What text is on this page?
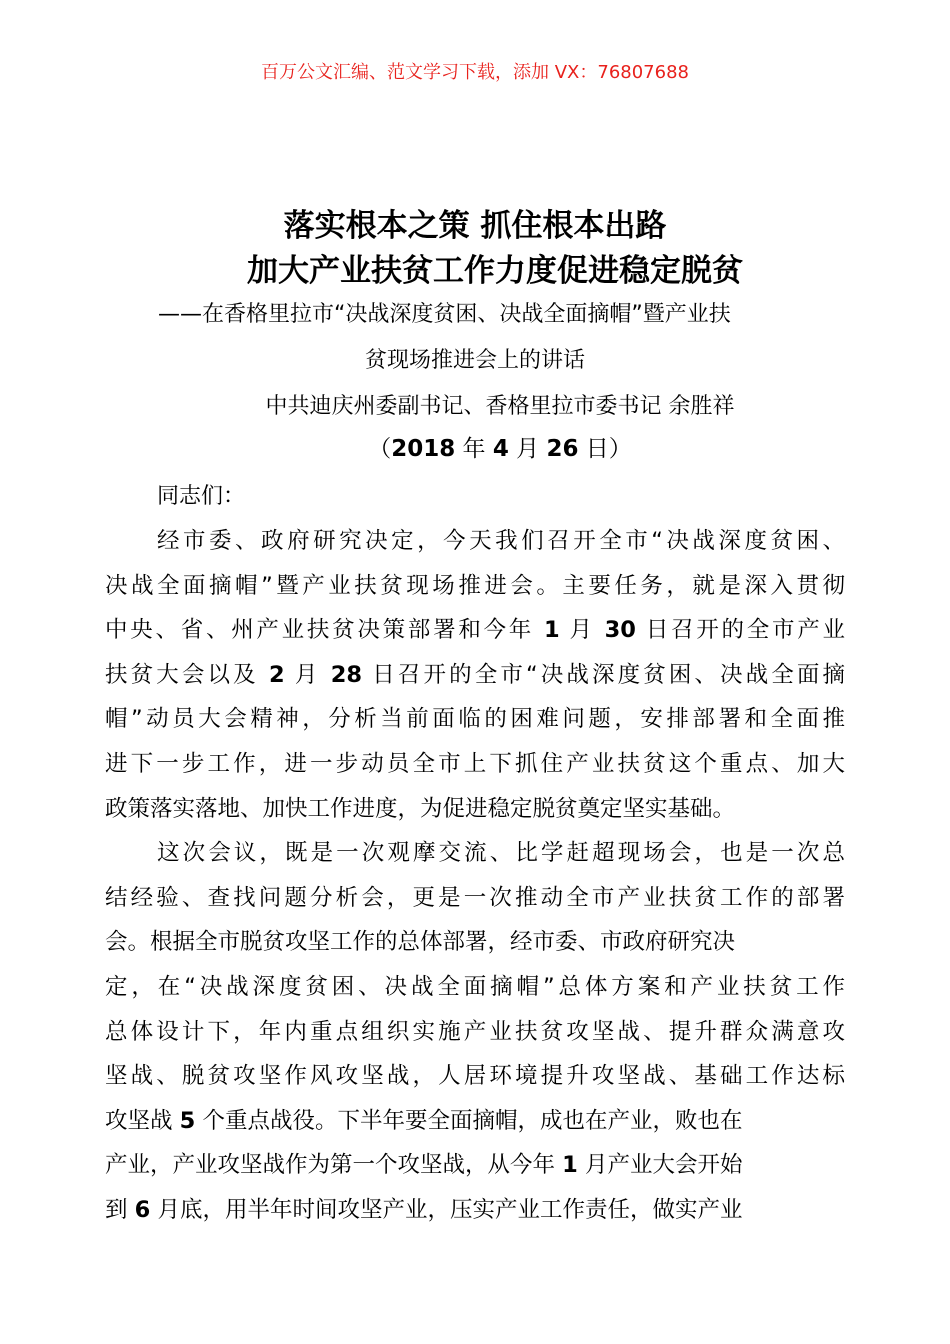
百万公文汇编、范文学习下载，添加 VX：76807688
落实根本之策 抓住根本出路
加大产业扶贫工作力度促进稳定脱贫
——在香格里拉市“决战深度贫困、决战全面摘帽”暨产业扶
贫现场推进会上的讲话
中共迪庆州委副书记、香格里拉市委书记 余胜祥
（2018 年 4 月 26 日）
同志们：
经市委、政府研究决定，今天我们召开全市“决战深度贫困、
决战全面摘帽”暨产业扶贫现场推进会。主要任务，就是深入贯彻
中央、省、州产业扶贫决策部署和今年 1 月 30 日召开的全市产业
扶贫大会以及 2 月 28 日召开的全市“决战深度贫困、决战全面摘
帽”动员大会精神，分析当前面临的困难问题，安排部署和全面推
进下一步工作，进一步动员全市上下抓住产业扶贫这个重点、加大
政策落实落地、加快工作进度，为促进稳定脱贫奠定坚实基础。
这次会议，既是一次观摩交流、比学赶超现场会，也是一次总
结经验、查找问题分析会，更是一次推动全市产业扶贫工作的部署
会。根据全市脱贫攻坚工作的总体部署，经市委、市政府研究决
定，在“决战深度贫困、决战全面摘帽”总体方案和产业扶贫工作
总体设计下，年内重点组织实施产业扶贫攻坚战、提升群众满意攻
坚战、脱贫攻坚作风攻坚战，人居环境提升攻坚战、基础工作达标
攻坚战 5 个重点战役。下半年要全面摘帽，成也在产业，败也在
产业，产业攻坚战作为第一个攻坚战，从今年 1 月产业大会开始
到 6 月底，用半年时间攻坚产业，压实产业工作责任，做实产业
